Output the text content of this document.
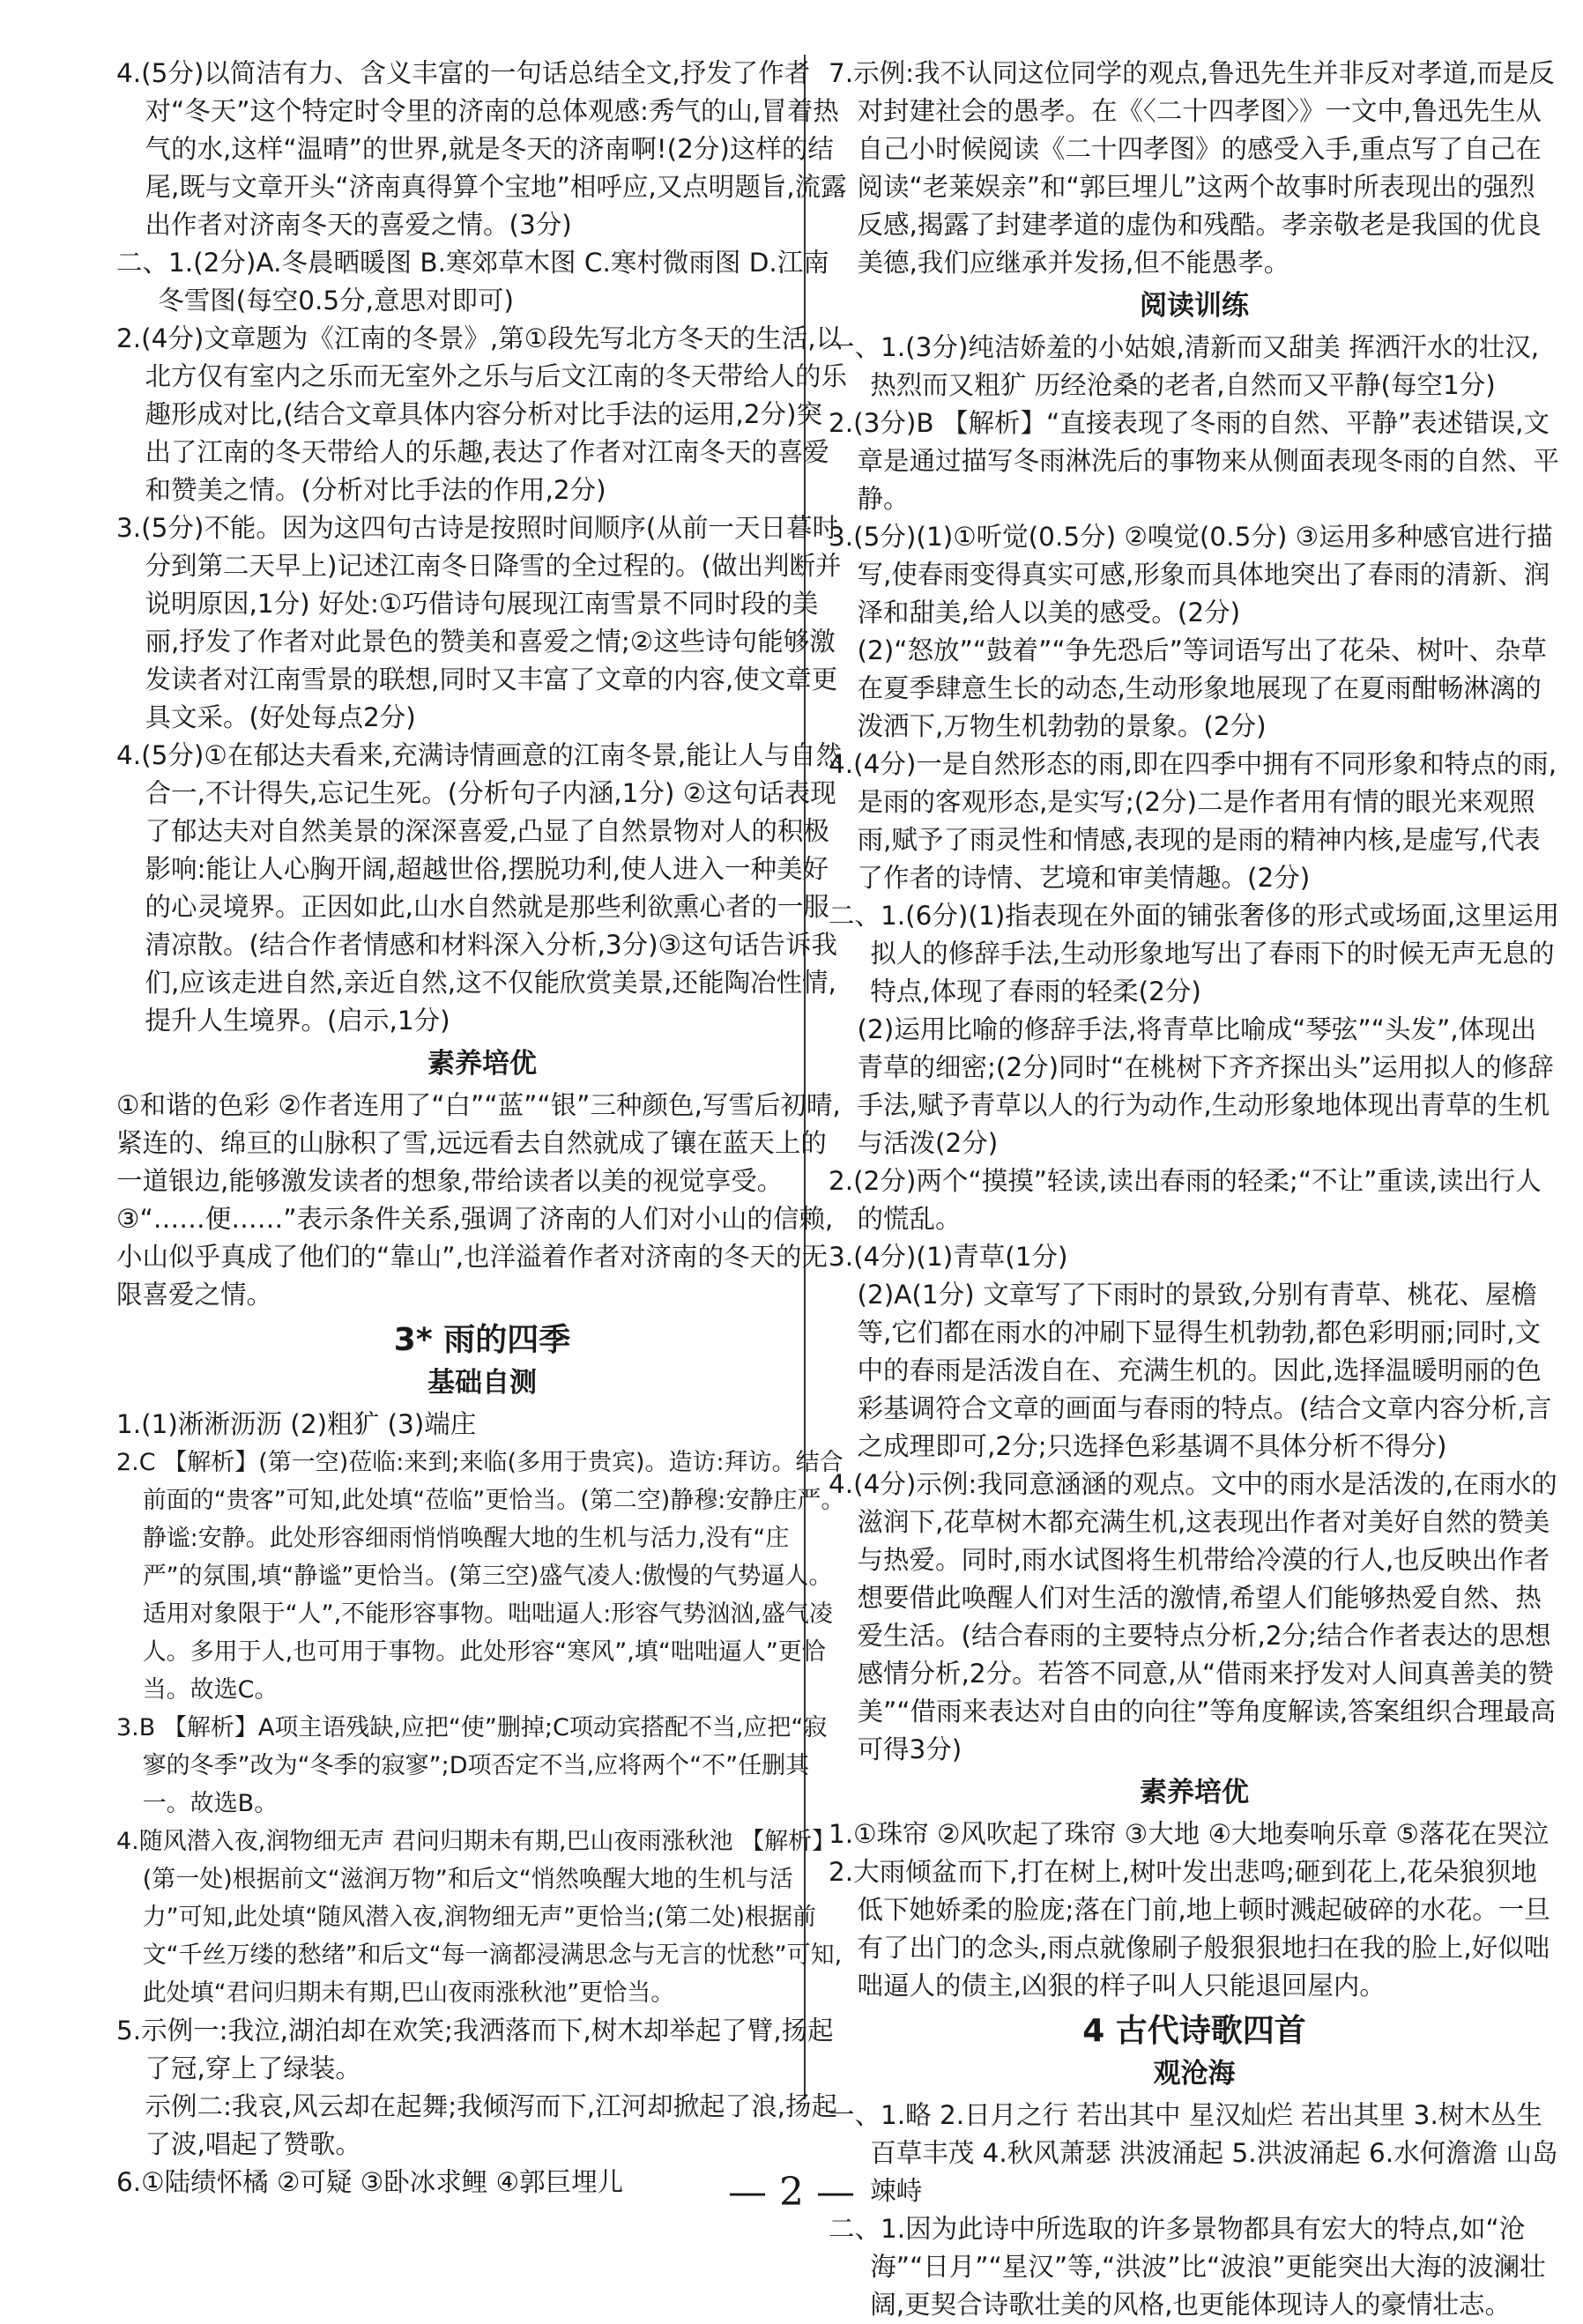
4.(5分)以简洁有力、含义丰富的一句话总结全文,抒发了作者对“冬天”这个特定时令里的济南的总体观感:秀气的山,冒着热气的水,这样“温晴”的世界,就是冬天的济南啊!(2分)这样的结尾,既与文章开头“济南真得算个宝地”相呼应,又点明题旨,流露出作者对济南冬天的喜爱之情。(3分)

二、1.(2分)A.冬晨晒暖图 B.寒郊草木图 C.寒村微雨图 D.江南冬雪图(每空0.5分,意思对即可)

2.(4分)文章题为《江南的冬景》,第①段先写北方冬天的生活,以北方仅有室内之乐而无室外之乐与后文江南的冬天带给人的乐趣形成对比,(结合文章具体内容分析对比手法的运用,2分)突出了江南的冬天带给人的乐趣,表达了作者对江南冬天的喜爱和赞美之情。(分析对比手法的作用,2分)

3.(5分)不能。因为这四句古诗是按照时间顺序(从前一天日暮时分到第二天早上)记述江南冬日降雪的全过程的。(做出判断并说明原因,1分) 好处:①巧借诗句展现江南雪景不同时段的美丽,抒发了作者对此景色的赞美和喜爱之情;②这些诗句能够激发读者对江南雪景的联想,同时又丰富了文章的内容,使文章更具文采。(好处每点2分)

4.(5分)①在郁达夫看来,充满诗情画意的江南冬景,能让人与自然合一,不计得失,忘记生死。(分析句子内涵,1分) ②这句话表现了郁达夫对自然美景的深深喜爱,凸显了自然景物对人的积极影响:能让人心胸开阔,超越世俗,摆脱功利,使人进入一种美好的心灵境界。正因如此,山水自然就是那些利欲熏心者的一服清凉散。(结合作者情感和材料深入分析,3分)③这句话告诉我们,应该走进自然,亲近自然,这不仅能欣赏美景,还能陶冶性情,提升人生境界。(启示,1分)

素养培优

①和谐的色彩 ②作者连用了“白”“蓝”“银”三种颜色,写雪后初晴,紧连的、绵亘的山脉积了雪,远远看去自然就成了镶在蓝天上的一道银边,能够激发读者的想象,带给读者以美的视觉享受。 ③“……便……”表示条件关系,强调了济南的人们对小山的信赖,小山似乎真成了他们的“靠山”,也洋溢着作者对济南的冬天的无限喜爱之情。

3* 雨的四季
基础自测

1.(1)淅淅沥沥 (2)粗犷 (3)端庄

2.C 【解析】(第一空)莅临:来到;来临(多用于贵宾)。造访:拜访。结合前面的“贵客”可知,此处填“莅临”更恰当。(第二空)静穆:安静庄严。静谧:安静。此处形容细雨悄悄唤醒大地的生机与活力,没有“庄严”的氛围,填“静谧”更恰当。(第三空)盛气凌人:傲慢的气势逼人。适用对象限于“人”,不能形容事物。咄咄逼人:形容气势汹汹,盛气凌人。多用于人,也可用于事物。此处形容“寒风”,填“咄咄逼人”更恰当。故选C。

3.B 【解析】A项主语残缺,应把“使”删掉;C项动宾搭配不当,应把“寂寥的冬季”改为“冬季的寂寥”;D项否定不当,应将两个“不”任删其一。故选B。

4.随风潜入夜,润物细无声 君问归期未有期,巴山夜雨涨秋池 【解析】(第一处)根据前文“滋润万物”和后文“悄然唤醒大地的生机与活力”可知,此处填“随风潜入夜,润物细无声”更恰当;(第二处)根据前文“千丝万缕的愁绪”和后文“每一滴都浸满思念与无言的忧愁”可知,此处填“君问归期未有期,巴山夜雨涨秋池”更恰当。

5.示例一:我泣,湖泊却在欢笑;我洒落而下,树木却举起了臂,扬起了冠,穿上了绿装。

示例二:我哀,风云却在起舞;我倾泻而下,江河却掀起了浪,扬起了波,唱起了赞歌。

6.①陆绩怀橘 ②可疑 ③卧冰求鲤 ④郭巨埋儿

7.示例:我不认同这位同学的观点,鲁迅先生并非反对孝道,而是反对封建社会的愚孝。在《〈二十四孝图〉》一文中,鲁迅先生从自己小时候阅读《二十四孝图》的感受入手,重点写了自己在阅读“老莱娱亲”和“郭巨埋儿”这两个故事时所表现出的强烈反感,揭露了封建孝道的虚伪和残酷。孝亲敬老是我国的优良美德,我们应继承并发扬,但不能愚孝。

阅读训练

一、1.(3分)纯洁娇羞的小姑娘,清新而又甜美 挥洒汗水的壮汉,热烈而又粗犷 历经沧桑的老者,自然而又平静(每空1分)

2.(3分)B 【解析】“直接表现了冬雨的自然、平静”表述错误,文章是通过描写冬雨淋洗后的事物来从侧面表现冬雨的自然、平静。

3.(5分)(1)①听觉(0.5分) ②嗅觉(0.5分) ③运用多种感官进行描写,使春雨变得真实可感,形象而具体地突出了春雨的清新、润泽和甜美,给人以美的感受。(2分)

(2)“怒放”“鼓着”“争先恐后”等词语写出了花朵、树叶、杂草在夏季肆意生长的动态,生动形象地展现了在夏雨酣畅淋漓的泼洒下,万物生机勃勃的景象。(2分)

4.(4分)一是自然形态的雨,即在四季中拥有不同形象和特点的雨,是雨的客观形态,是实写;(2分)二是作者用有情的眼光来观照雨,赋予了雨灵性和情感,表现的是雨的精神内核,是虚写,代表了作者的诗情、艺境和审美情趣。(2分)

二、1.(6分)(1)指表现在外面的铺张奢侈的形式或场面,这里运用拟人的修辞手法,生动形象地写出了春雨下的时候无声无息的特点,体现了春雨的轻柔(2分)

(2)运用比喻的修辞手法,将青草比喻成“琴弦”“头发”,体现出青草的细密;(2分)同时“在桃树下齐齐探出头”运用拟人的修辞手法,赋予青草以人的行为动作,生动形象地体现出青草的生机与活泼(2分)

2.(2分)两个“摸摸”轻读,读出春雨的轻柔;“不让”重读,读出行人的慌乱。

3.(4分)(1)青草(1分)

(2)A(1分) 文章写了下雨时的景致,分别有青草、桃花、屋檐等,它们都在雨水的冲刷下显得生机勃勃,都色彩明丽;同时,文中的春雨是活泼自在、充满生机的。因此,选择温暖明丽的色彩基调符合文章的画面与春雨的特点。(结合文章内容分析,言之成理即可,2分;只选择色彩基调不具体分析不得分)

4.(4分)示例:我同意涵涵的观点。文中的雨水是活泼的,在雨水的滋润下,花草树木都充满生机,这表现出作者对美好自然的赞美与热爱。同时,雨水试图将生机带给冷漠的行人,也反映出作者想要借此唤醒人们对生活的激情,希望人们能够热爱自然、热爱生活。(结合春雨的主要特点分析,2分;结合作者表达的思想感情分析,2分。若答不同意,从“借雨来抒发对人间真善美的赞美”“借雨来表达对自由的向往”等角度解读,答案组织合理最高可得3分)

素养培优

1.①珠帘 ②风吹起了珠帘 ③大地 ④大地奏响乐章 ⑤落花在哭泣

2.大雨倾盆而下,打在树上,树叶发出悲鸣;砸到花上,花朵狼狈地低下她娇柔的脸庞;落在门前,地上顿时溅起破碎的水花。一旦有了出门的念头,雨点就像刷子般狠狠地扫在我的脸上,好似咄咄逼人的债主,凶狠的样子叫人只能退回屋内。

4 古代诗歌四首
观沧海

一、1.略 2.日月之行 若出其中 星汉灿烂 若出其里 3.树木丛生 百草丰茂 4.秋风萧瑟 洪波涌起 5.洪波涌起 6.水何澹澹 山岛竦峙

二、1.因为此诗中所选取的许多景物都具有宏大的特点,如“沧海”“日月”“星汉”等,“洪波”比“波浪”更能突出大海的波澜壮阔,更契合诗歌壮美的风格,也更能体现诗人的豪情壮志。

— 2 —
